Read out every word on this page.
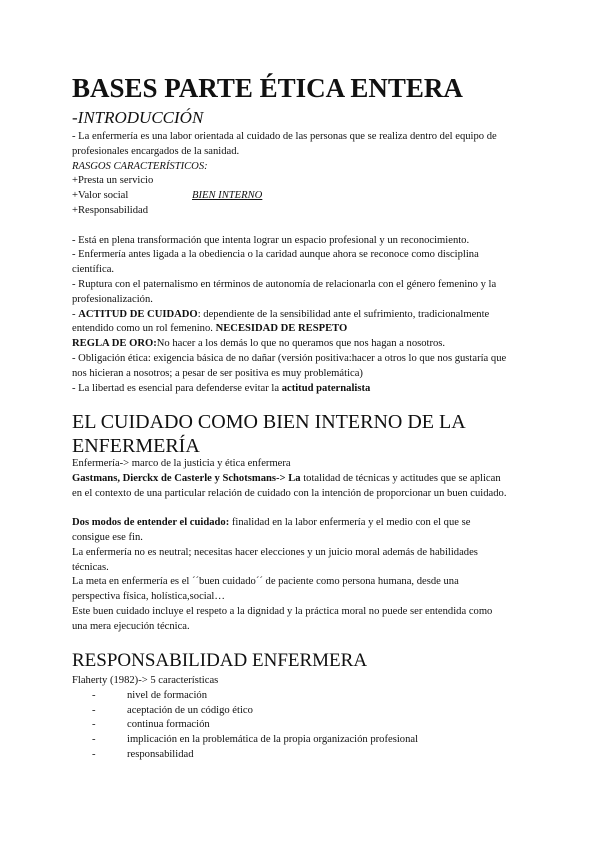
BASES PARTE ÉTICA ENTERA
-INTRODUCCIÓN
- La enfermería es una labor orientada al cuidado de las personas que se realiza dentro del equipo de
profesionales encargados de la sanidad.
RASGOS CARACTERÍSTICOS:
+Presta un servicio
+Valor social	BIEN INTERNO
+Responsabilidad
- Está en plena transformación que intenta lograr un espacio profesional y un reconocimiento.
- Enfermería antes ligada a la obediencia o la caridad aunque ahora se reconoce como disciplina
científica.
- Ruptura con el paternalismo en términos de autonomía de relacionarla con el género femenino y la
profesionalización.
- ACTITUD DE CUIDADO: dependiente de la sensibilidad ante el sufrimiento, tradicionalmente
entendido como un rol femenino. NECESIDAD DE RESPETO
REGLA DE ORO:No hacer a los demás lo que no queramos que nos hagan a nosotros.
- Obligación ética: exigencia básica de no dañar (versión positiva:hacer a otros lo que nos gustaría que
nos hicieran a nosotros; a pesar de ser positiva es muy problemática)
- La libertad es esencial para defenderse evitar la actitud paternalista
EL CUIDADO COMO BIEN INTERNO DE LA
ENFERMERÍA
Enfermería-> marco de la justicia y ética enfermera
Gastmans, Dierckx de Casterle y Schotsmans-> La totalidad de técnicas y actitudes que se aplican
en el contexto de una particular relación de cuidado con la intención de proporcionar un buen cuidado.
Dos modos de entender el cuidado: finalidad en la labor enfermería y el medio con el que se
consigue ese fin.
La enfermería no es neutral; necesitas hacer elecciones y un juicio moral además de habilidades
técnicas.
La meta en enfermería es el ´´buen cuidado´´ de paciente como persona humana, desde una
perspectiva física, holística,social…
Este buen cuidado incluye el respeto a la dignidad y la práctica moral no puede ser entendida como
una mera ejecución técnica.
RESPONSABILIDAD ENFERMERA
Flaherty (1982)-> 5 características
-	nivel de formación
-	aceptación de un código ético
-	continua formación
-	implicación en la problemática de la propia organización profesional
-	responsabilidad
